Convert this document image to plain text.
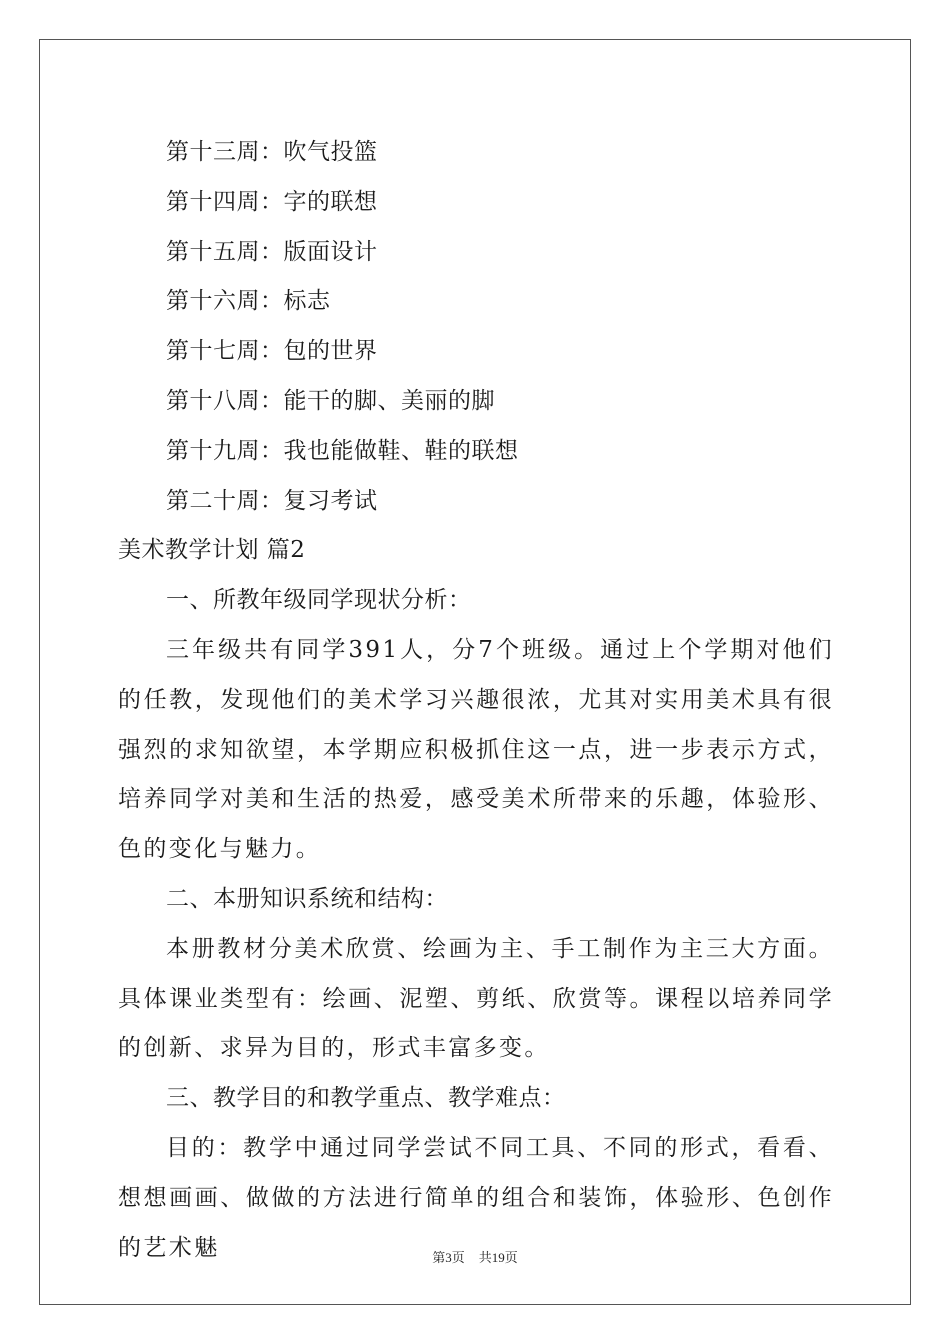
第十三周：吹气投篮
第十四周：字的联想
第十五周：版面设计
第十六周：标志
第十七周：包的世界
第十八周：能干的脚、美丽的脚
第十九周：我也能做鞋、鞋的联想
第二十周：复习考试
美术教学计划 篇2
一、所教年级同学现状分析：

三年级共有同学391人，分7个班级。通过上个学期对他们的任教，发现他们的美术学习兴趣很浓，尤其对实用美术具有很强烈的求知欲望，本学期应积极抓住这一点，进一步表示方式，培养同学对美和生活的热爱，感受美术所带来的乐趣，体验形、色的变化与魅力。

二、本册知识系统和结构：

本册教材分美术欣赏、绘画为主、手工制作为主三大方面。具体课业类型有：绘画、泥塑、剪纸、欣赏等。课程以培养同学的创新、求异为目的，形式丰富多变。

三、教学目的和教学重点、教学难点：

目的：教学中通过同学尝试不同工具、不同的形式，看看、想想画画、做做的方法进行简单的组合和装饰，体验形、色创作的艺术魅	第3页 共19页
